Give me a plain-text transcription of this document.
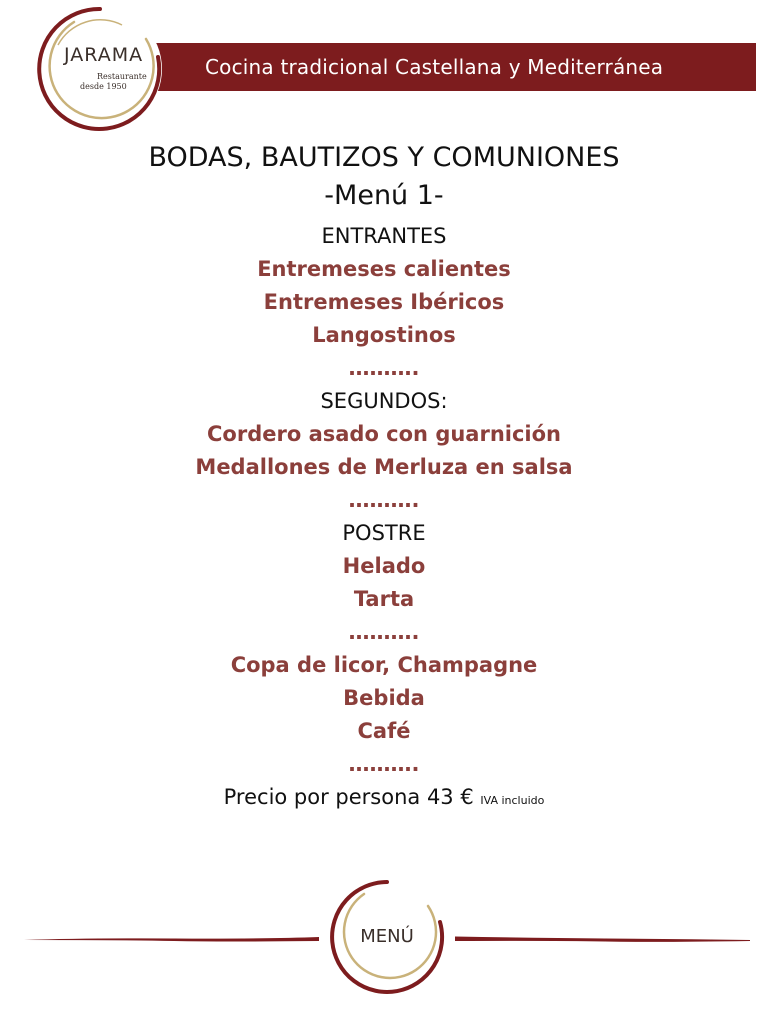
Cocina tradicional Castellana y Mediterránea
JARAMA
Restaurante
desde 1950
BODAS, BAUTIZOS Y COMUNIONES
-Menú 1-
ENTRANTES
Entremeses calientes
Entremeses Ibéricos
Langostinos
……….
SEGUNDOS:
Cordero asado con guarnición
Medallones de Merluza en salsa
……….
POSTRE
Helado
Tarta
……….
Copa de licor, Champagne
Bebida
Café
……….
Precio por persona 43 € IVA incluido
MENÚ
